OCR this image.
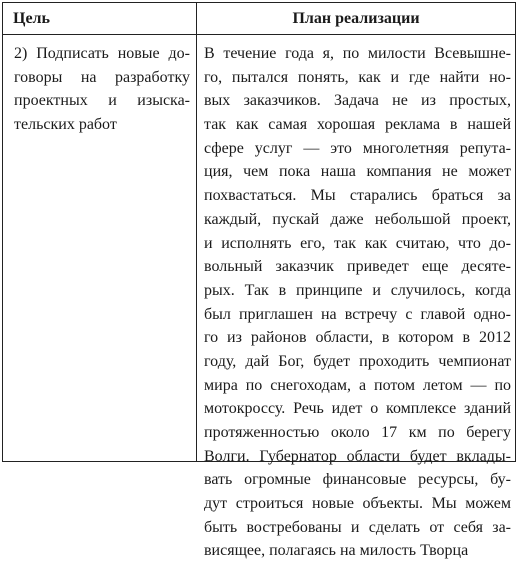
Цель	План реализации
2) Подписать новые до-
говоры на разработку
проектных и изыска-
тельских работ
В течение года я, по милости Всевышне-
го, пытался понять, как и где найти но-
вых заказчиков. Задача не из простых,
так как самая хорошая реклама в нашей
сфере услуг — это многолетняя репута-
ция, чем пока наша компания не может
похвастаться. Мы старались браться за
каждый, пускай даже небольшой проект,
и исполнять его, так как считаю, что до-
вольный заказчик приведет еще десяте-
рых. Так в принципе и случилось, когда
был приглашен на встречу с главой одно-
го из районов области, в котором в 2012
году, дай Бог, будет проходить чемпионат
мира по снегоходам, а потом летом — по
мотокроссу. Речь идет о комплексе зданий
протяженностью около 17 км по берегу
Волги. Губернатор области будет вклады-
вать огромные финансовые ресурсы, бу-
дут строиться новые объекты. Мы можем
быть востребованы и сделать от себя за-
висящее, полагаясь на милость Творца
